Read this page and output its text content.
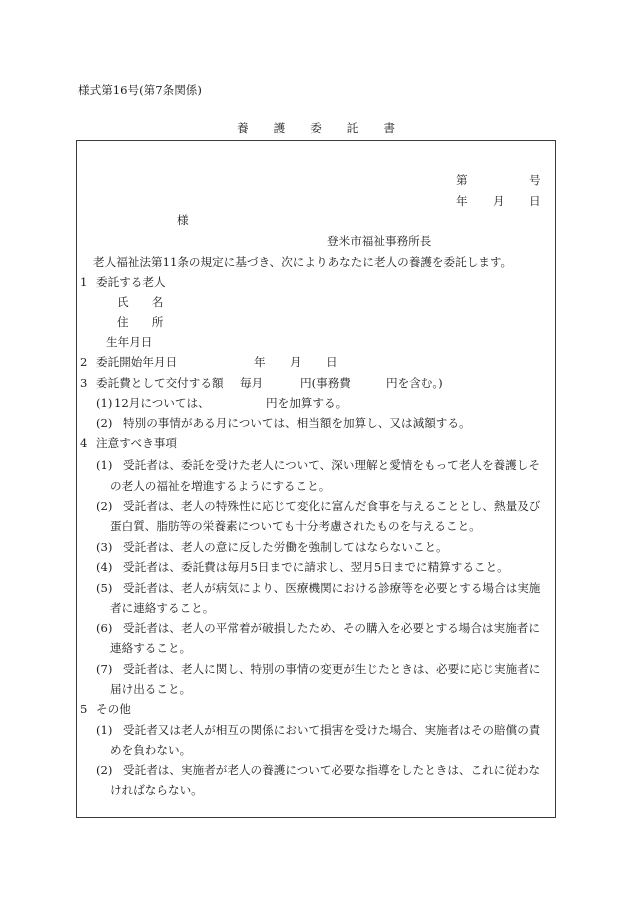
様式第16号(第7条関係)
養護委託書
第	号
年 月 日
様
登米市福祉事務所長
老人福祉法第11条の規定に基づき、次によりあなたに老人の養護を委託します。
1 委託する老人
氏　　名
住　　所
生年月日
2 委託開始年月日	年 月 日
3 委託費として交付する額 毎月	円(事務費	円を含む。)
(1) 12月については、	円を加算する。
(2) 特別の事情がある月については、相当額を加算し、又は減額する。
4 注意すべき事項
(1) 受託者は、委託を受けた老人について、深い理解と愛情をもって老人を養護しそ
の老人の福祉を増進するようにすること。
(2) 受託者は、老人の特殊性に応じて変化に富んだ食事を与えることとし、熱量及び
蛋白質、脂肪等の栄養素についても十分考慮されたものを与えること。
(3) 受託者は、老人の意に反した労働を強制してはならないこと。
(4) 受託者は、委託費は毎月5日までに請求し、翌月5日までに精算すること。
(5) 受託者は、老人が病気により、医療機関における診療等を必要とする場合は実施
者に連絡すること。
(6) 受託者は、老人の平常着が破損したため、その購入を必要とする場合は実施者に
連絡すること。
(7) 受託者は、老人に関し、特別の事情の変更が生じたときは、必要に応じ実施者に
届け出ること。
5 その他
(1) 受託者又は老人が相互の関係において損害を受けた場合、実施者はその賠償の責
めを負わない。
(2) 受託者は、実施者が老人の養護について必要な指導をしたときは、これに従わな
ければならない。
